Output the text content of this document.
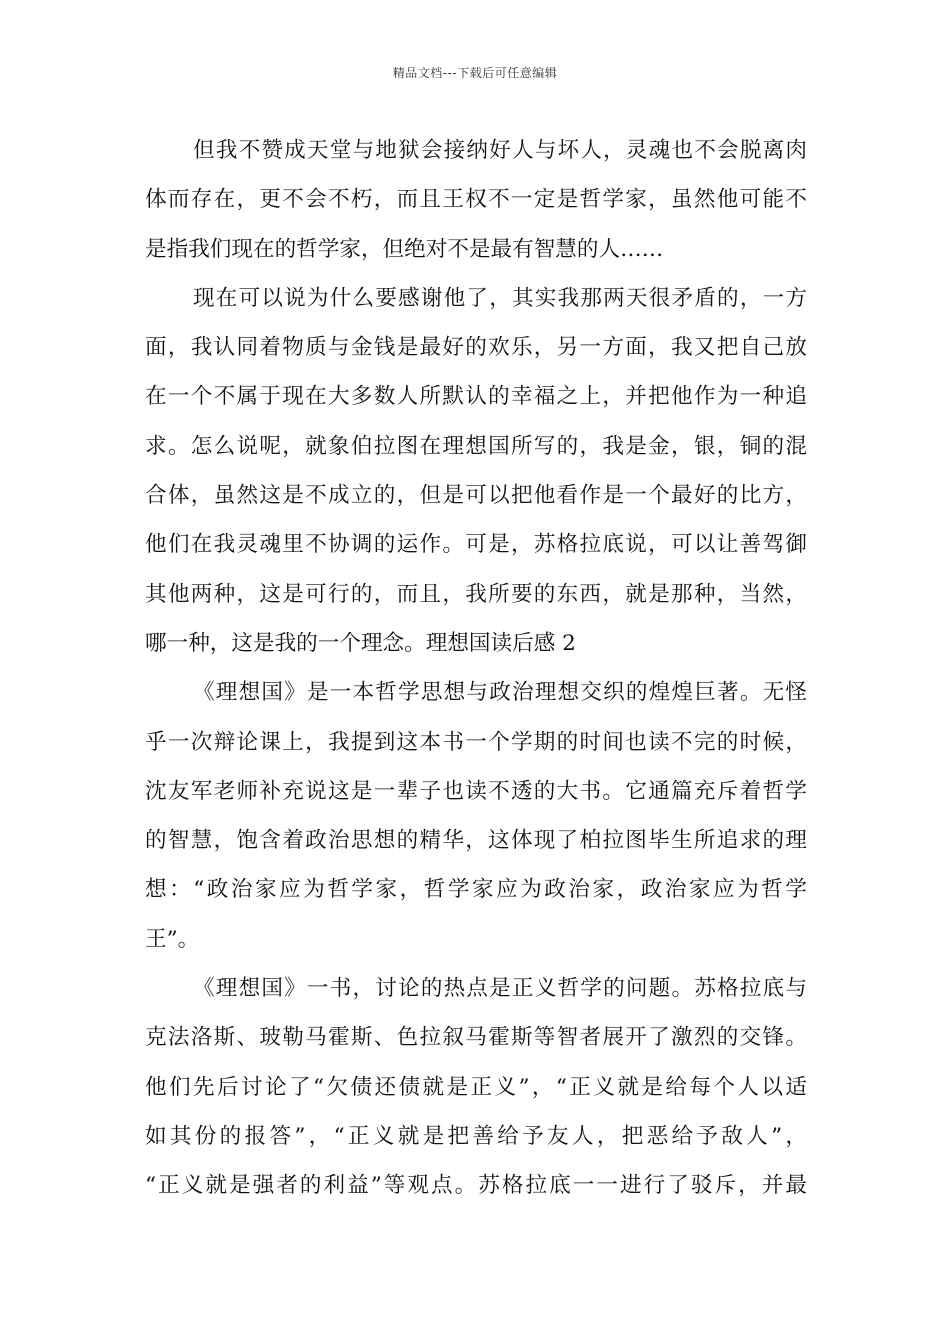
精品文档---下载后可任意编辑
但我不赞成天堂与地狱会接纳好人与坏人，灵魂也不会脱离肉
体而存在，更不会不朽，而且王权不一定是哲学家，虽然他可能不
是指我们现在的哲学家，但绝对不是最有智慧的人……
现在可以说为什么要感谢他了，其实我那两天很矛盾的，一方
面，我认同着物质与金钱是最好的欢乐，另一方面，我又把自己放
在一个不属于现在大多数人所默认的幸福之上，并把他作为一种追
求。怎么说呢，就象伯拉图在理想国所写的，我是金，银，铜的混
合体，虽然这是不成立的，但是可以把他看作是一个最好的比方，
他们在我灵魂里不协调的运作。可是，苏格拉底说，可以让善驾御
其他两种，这是可行的，而且，我所要的东西，就是那种，当然，
哪一种，这是我的一个理念。理想国读后感 2
《理想国》是一本哲学思想与政治理想交织的煌煌巨著。无怪
乎一次辩论课上，我提到这本书一个学期的时间也读不完的时候，
沈友军老师补充说这是一辈子也读不透的大书。它通篇充斥着哲学
的智慧，饱含着政治思想的精华，这体现了柏拉图毕生所追求的理
想：“政治家应为哲学家，哲学家应为政治家，政治家应为哲学
王”。
《理想国》一书，讨论的热点是正义哲学的问题。苏格拉底与
克法洛斯、玻勒马霍斯、色拉叙马霍斯等智者展开了激烈的交锋。
他们先后讨论了“欠债还债就是正义”，“正义就是给每个人以适
如其份的报答”，“正义就是把善给予友人，把恶给予敌人”，
“正义就是强者的利益”等观点。苏格拉底一一进行了驳斥，并最
